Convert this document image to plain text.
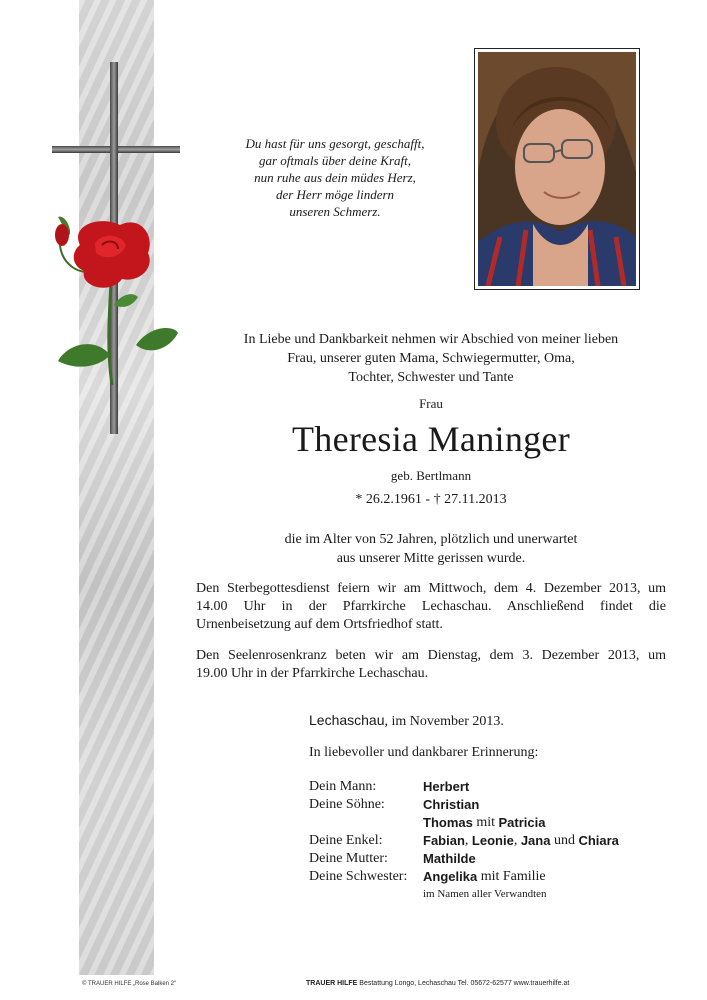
Du hast für uns gesorgt, geschafft,
gar oftmals über deine Kraft,
nun ruhe aus dein müdes Herz,
der Herr möge lindern
unseren Schmerz.
In Liebe und Dankbarkeit nehmen wir Abschied von meiner lieben
Frau, unserer guten Mama, Schwiegermutter, Oma,
Tochter, Schwester und Tante
Frau
Theresia Maninger
geb. Bertlmann
* 26.2.1961 - † 27.11.2013
die im Alter von 52 Jahren, plötzlich und unerwartet
aus unserer Mitte gerissen wurde.
Den Sterbegottesdienst feiern wir am Mittwoch, dem 4. Dezember 2013, um
14.00 Uhr in der Pfarrkirche Lechaschau. Anschließend findet die
Urnenbeisetzung auf dem Ortsfriedhof statt.
Den Seelenrosenkranz beten wir am Dienstag, dem 3. Dezember 2013, um
19.00 Uhr in der Pfarrkirche Lechaschau.
Lechaschau, im November 2013.
In liebevoller und dankbarer Erinnerung:
Dein Mann:	Herbert
Deine Söhne:	Christian
Thomas
mit
Patricia
Deine Enkel:	Fabian ,
Leonie ,
Jana
und
Chiara
Deine Mutter:	Mathilde
Deine Schwester:	Angelika
mit Familie
im Namen aller Verwandten
© TRAUER HILFE „Rose Balken 2“	TRAUER HILFE Bestattung Longo, Lechaschau Tel. 05672-62577 www.trauerhilfe.at
